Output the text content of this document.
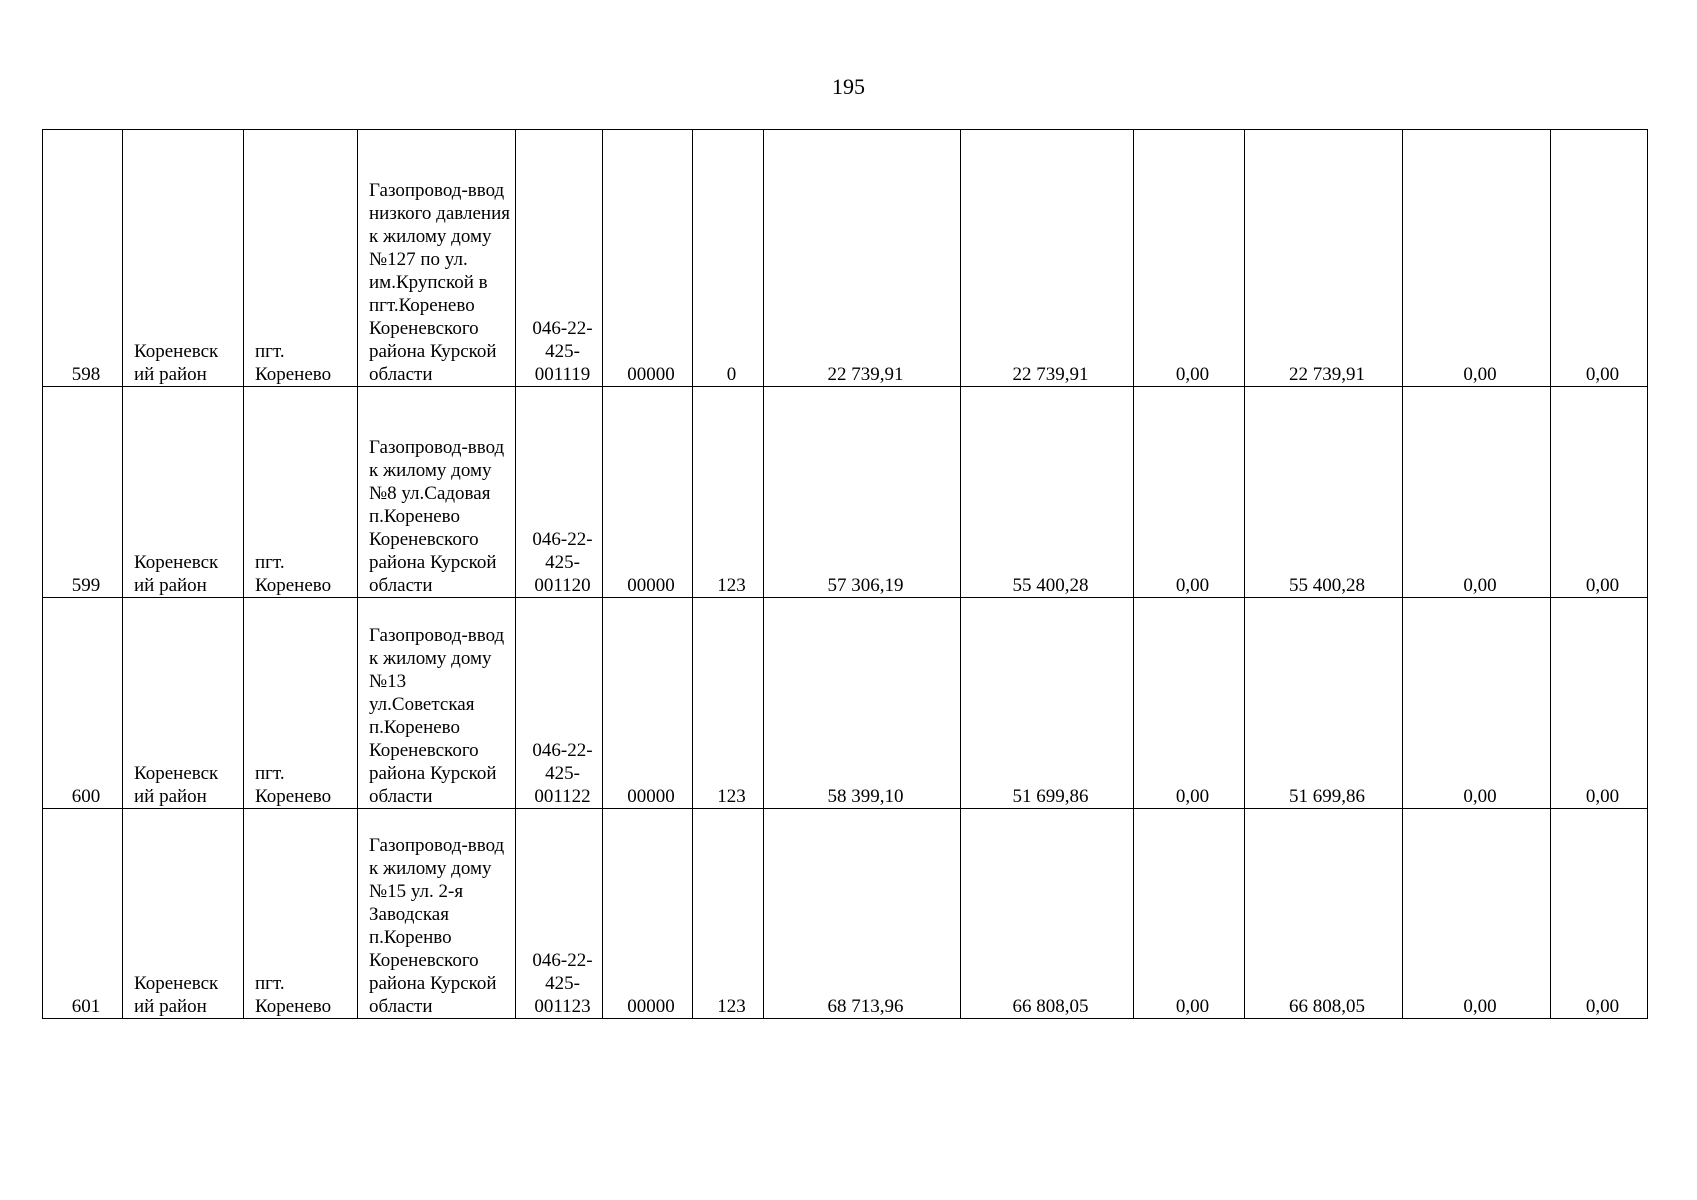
195
598	Кореневск ий район	пгт. Коренево	Газопровод-ввод низкого давления к жилому дому №127 по ул. им.Крупской в пгт.Коренево Кореневского района Курской области	046-22-425-001119	00000	0	22 739,91	22 739,91	0,00	22 739,91	0,00	0,00

599	Кореневск ий район	пгт. Коренево	Газопровод-ввод к жилому дому №8 ул.Садовая п.Коренево Кореневского района Курской области	046-22-425-001120	00000	123	57 306,19	55 400,28	0,00	55 400,28	0,00	0,00

600	Кореневск ий район	пгт. Коренево	Газопровод-ввод к жилому дому №13 ул.Советская п.Коренево Кореневского района Курской области	046-22-425-001122	00000	123	58 399,10	51 699,86	0,00	51 699,86	0,00	0,00

601	Кореневск ий район	пгт. Коренево	Газопровод-ввод к жилому дому №15 ул. 2-я Заводская п.Коренво Кореневского района Курской области	046-22-425-001123	00000	123	68 713,96	66 808,05	0,00	66 808,05	0,00	0,00
